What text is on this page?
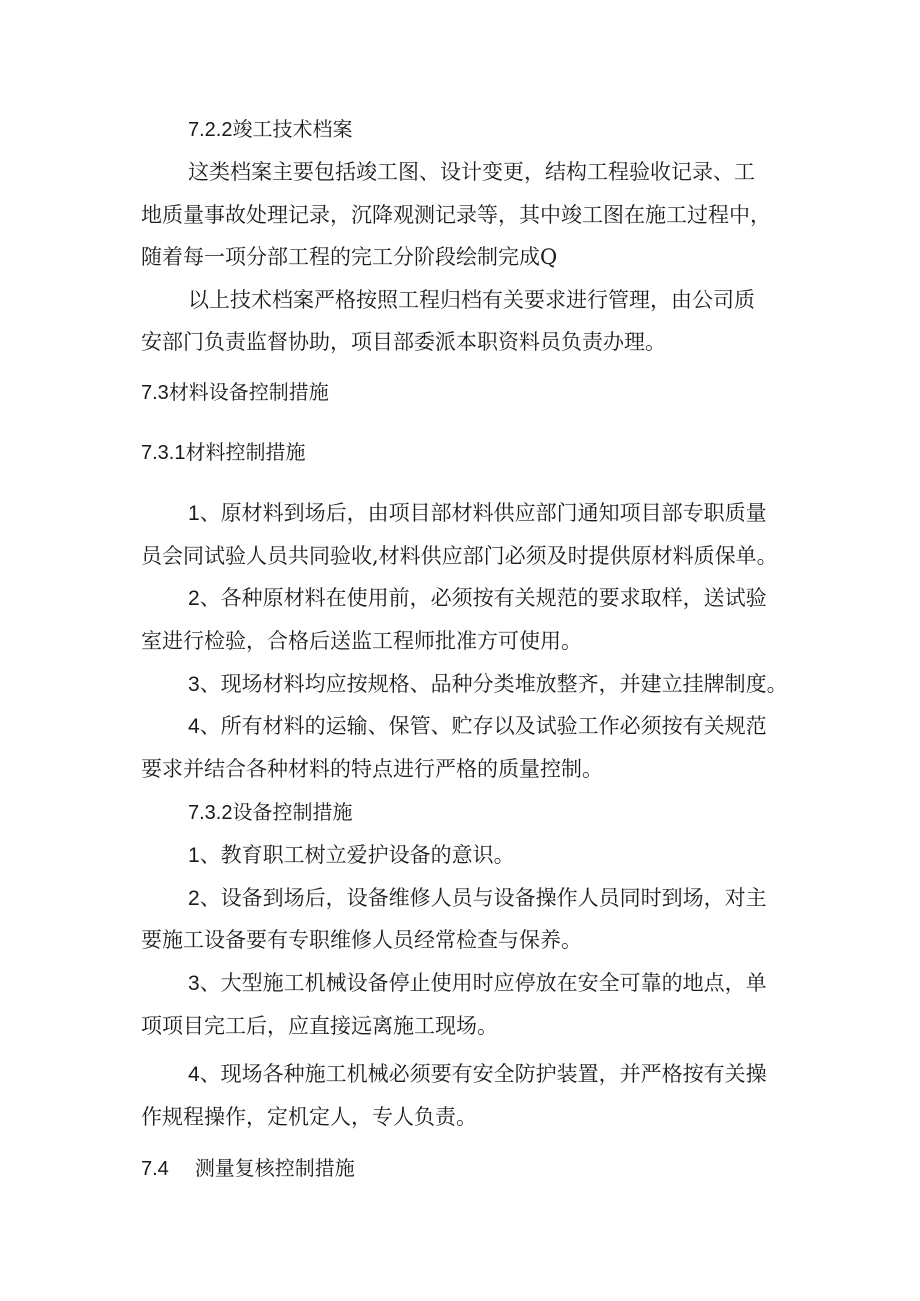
7.2.2竣工技术档案
这类档案主要包括竣工图、设计变更，结构工程验收记录、工
地质量事故处理记录，沉降观测记录等，其中竣工图在施工过程中，
随着每一项分部工程的完工分阶段绘制完成Q
以上技术档案严格按照工程归档有关要求进行管理，由公司质
安部门负责监督协助，项目部委派本职资料员负责办理。
7.3材料设备控制措施
7.3.1材料控制措施
1、原材料到场后，由项目部材料供应部门通知项目部专职质量
员会同试验人员共同验收,材料供应部门必须及时提供原材料质保单。
2、各种原材料在使用前，必须按有关规范的要求取样，送试验
室进行检验，合格后送监工程师批准方可使用。
3、现场材料均应按规格、品种分类堆放整齐，并建立挂牌制度。
4、所有材料的运输、保管、贮存以及试验工作必须按有关规范
要求并结合各种材料的特点进行严格的质量控制。
7.3.2设备控制措施
1、教育职工树立爱护设备的意识。
2、设备到场后，设备维修人员与设备操作人员同时到场，对主
要施工设备要有专职维修人员经常检查与保养。
3、大型施工机械设备停止使用时应停放在安全可靠的地点，单
项项目完工后，应直接远离施工现场。
4、现场各种施工机械必须要有安全防护装置，并严格按有关操
作规程操作，定机定人，专人负责。
7.4 测量复核控制措施
